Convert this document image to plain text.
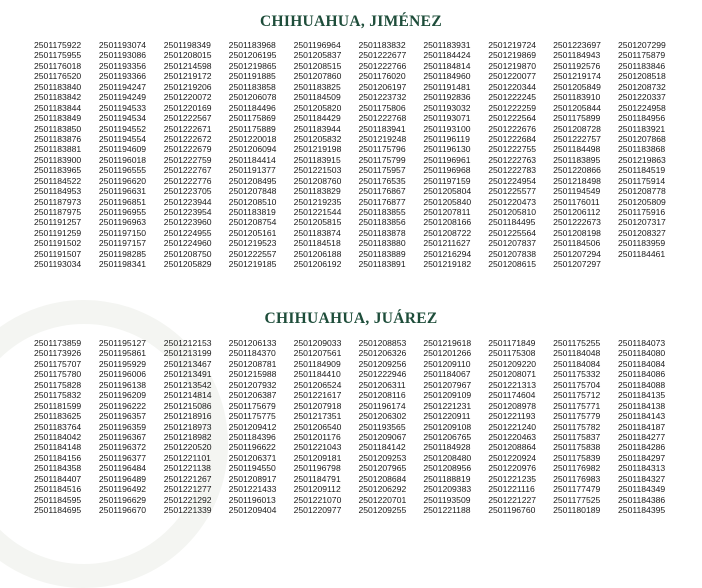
CHIHUAHUA, JIMÉNEZ
2501175922
2501175955
2501176018
2501176520
2501183840
2501183842
2501183844
2501183849
2501183850
2501183876
2501183881
2501183900
2501183965
2501184522
2501184953
2501187973
2501187975
2501191257
2501191259
2501191502
2501191507
2501193034
2501193074
2501193086
2501193356
2501193366
2501194247
2501194249
2501194533
2501194534
2501194552
2501194554
2501194609
2501196018
2501196555
2501196620
2501196631
2501196851
2501196955
2501196963
2501197150
2501197157
2501198285
2501198341
2501198349
2501208015
2501214598
2501219172
2501219206
2501220072
2501220169
2501222567
2501222671
2501222672
2501222679
2501222759
2501222767
2501222776
2501223705
2501223944
2501223954
2501223960
2501224955
2501224960
2501208750
2501205829
2501183968
2501206195
2501219865
2501191885
2501183858
2501206078
2501184496
2501175869
2501175889
2501220018
2501206094
2501184414
2501191377
2501208495
2501207848
2501208510
2501183819
2501208754
2501205161
2501219523
2501222557
2501219185
2501196964
2501205837
2501208515
2501207860
2501183825
2501184509
2501205820
2501184429
2501183944
2501205832
2501219198
2501183915
2501221503
2501208760
2501183829
2501219235
2501221544
2501205815
2501183874
2501184518
2501206188
2501206192
2501183832
2501222677
2501222766
2501176020
2501206197
2501223732
2501175806
2501222768
2501183941
2501219248
2501175796
2501175799
2501175957
2501176535
2501176867
2501176877
2501183855
2501183856
2501183878
2501183880
2501183889
2501183891
2501183931
2501184424
2501184814
2501184960
2501191481
2501192836
2501193032
2501193071
2501193100
2501196119
2501196130
2501196961
2501196968
2501197159
2501205804
2501205840
2501207811
2501208166
2501208722
2501211627
2501216294
2501219182
2501219724
2501219869
2501219870
2501220077
2501220344
2501222245
2501222259
2501222564
2501222676
2501222684
2501222755
2501222763
2501222783
2501224954
2501225577
2501220473
2501205810
2501184495
2501225564
2501207837
2501207838
2501208615
2501223697
2501184943
2501192576
2501219174
2501205849
2501183910
2501205844
2501175899
2501208728
2501222757
2501184498
2501183895
2501220866
2501218498
2501194549
2501176011
2501206112
2501222673
2501208198
2501184506
2501207294
2501207297
2501207299
2501175879
2501183846
2501208518
2501208732
2501220337
2501224958
2501184956
2501183921
2501207868
2501183868
2501219863
2501184519
2501175914
2501208778
2501205809
2501175916
2501207317
2501208327
2501183959
2501184461
CHIHUAHUA, JUÁREZ
2501173859
2501173926
2501175707
2501175780
2501175828
2501175832
2501181599
2501183625
2501183764
2501184042
2501184148
2501184156
2501184358
2501184407
2501184516
2501184595
2501184695
2501195127
2501195861
2501195929
2501196006
2501196138
2501196209
2501196222
2501196357
2501196359
2501196367
2501196372
2501196377
2501196484
2501196489
2501196492
2501196629
2501196670
2501212153
2501213199
2501213467
2501213491
2501213542
2501214814
2501215086
2501218916
2501218973
2501218982
2501220520
2501221101
2501221138
2501221267
2501221277
2501221292
2501221339
2501206133
2501184370
2501208781
2501215988
2501207932
2501206387
2501175679
2501175775
2501209412
2501184396
2501196622
2501206371
2501194550
2501208917
2501221433
2501196013
2501209404
2501209033
2501207561
2501184909
2501184410
2501206524
2501221617
2501207918
2501217351
2501206540
2501201176
2501221043
2501209181
2501196798
2501184791
2501209112
2501221070
2501220977
2501208853
2501206326
2501209256
2501222946
2501206311
2501208116
2501196174
2501206302
2501193565
2501209067
2501184142
2501209253
2501207965
2501208684
2501206292
2501220701
2501209255
2501219618
2501201266
2501209110
2501184067
2501207967
2501209109
2501221231
2501220911
2501209108
2501206765
2501184928
2501208480
2501208956
2501188819
2501209383
2501193509
2501221188
2501171849
2501175308
2501209220
2501208071
2501221313
2501174604
2501208978
2501221193
2501221240
2501220463
2501208864
2501220924
2501220976
2501221235
2501221116
2501221227
2501196760
2501175255
2501184048
2501184084
2501175332
2501175704
2501175712
2501175771
2501175779
2501175782
2501175837
2501175838
2501175839
2501176982
2501176983
2501177479
2501177525
2501180189
2501184073
2501184080
2501184084
2501184086
2501184088
2501184135
2501184138
2501184143
2501184187
2501184277
2501184286
2501184297
2501184313
2501184327
2501184349
2501184386
2501184395
